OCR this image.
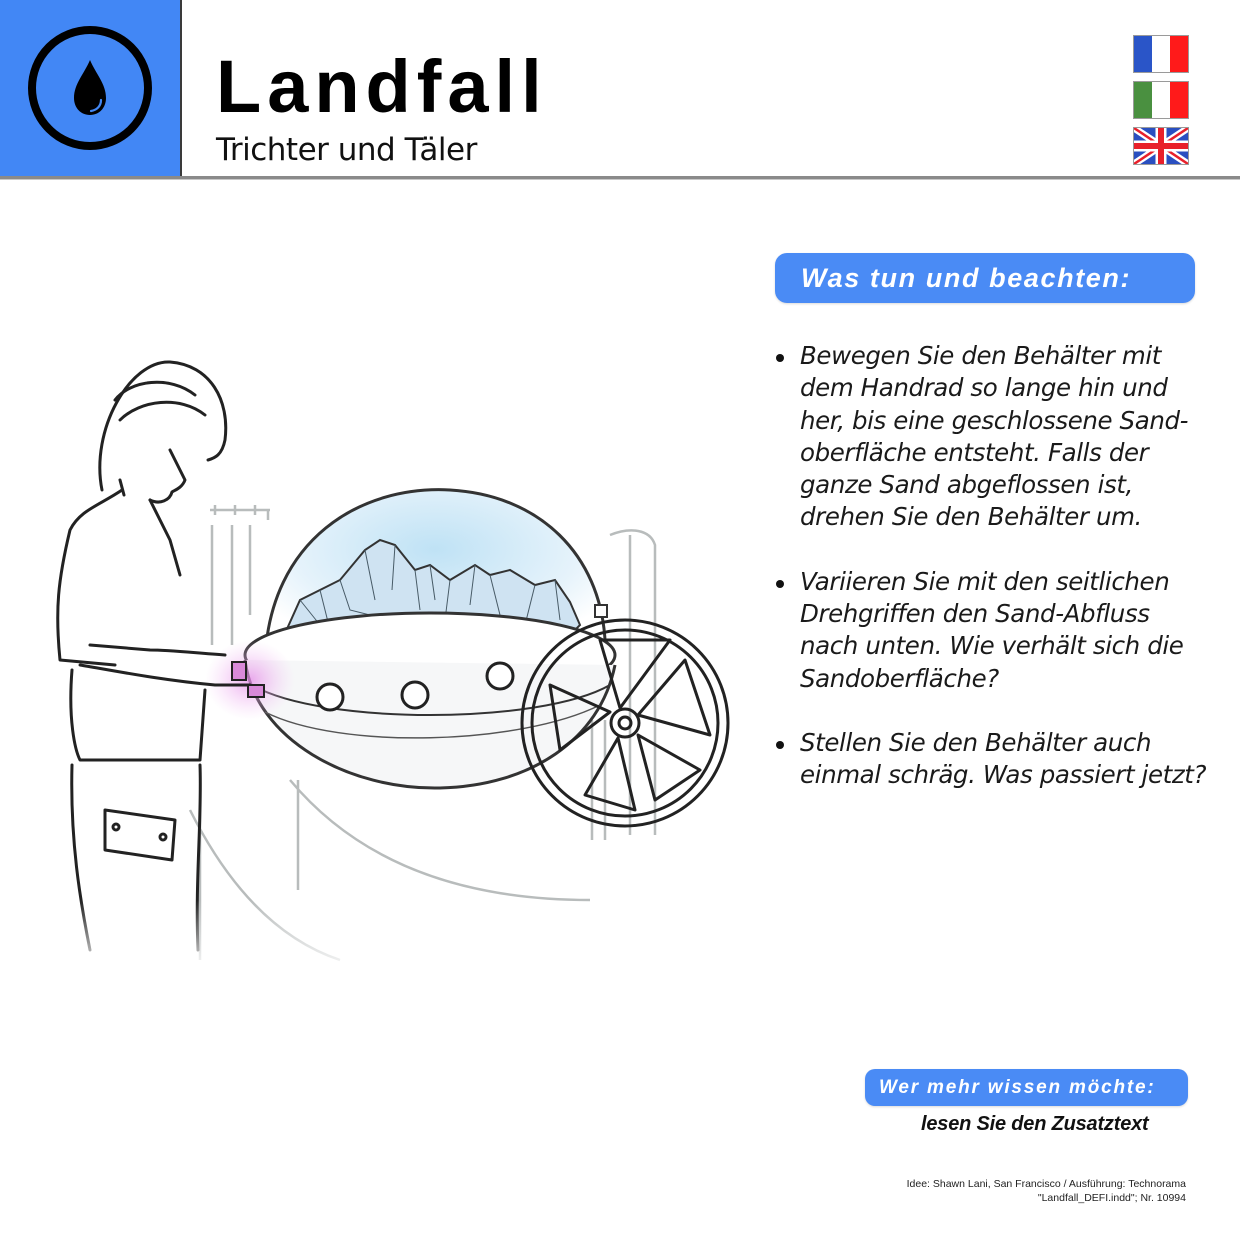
Landfall
Trichter und Täler
Was tun und beachten:
Bewegen Sie den Behälter mit
dem Handrad so lange hin und
her, bis eine geschlossene Sand-
oberfläche entsteht. Falls der
ganze Sand abgeflossen ist,
drehen Sie den Behälter um.
Variieren Sie mit den seitlichen
Drehgriffen den Sand-Abfluss
nach unten. Wie verhält sich die
Sandoberfläche?
Stellen Sie den Behälter auch
einmal schräg. Was passiert jetzt?
Wer mehr wissen möchte:
lesen Sie den Zusatztext
Idee: Shawn Lani, San Francisco / Ausführung: Technorama
"Landfall_DEFI.indd"; Nr. 10994
